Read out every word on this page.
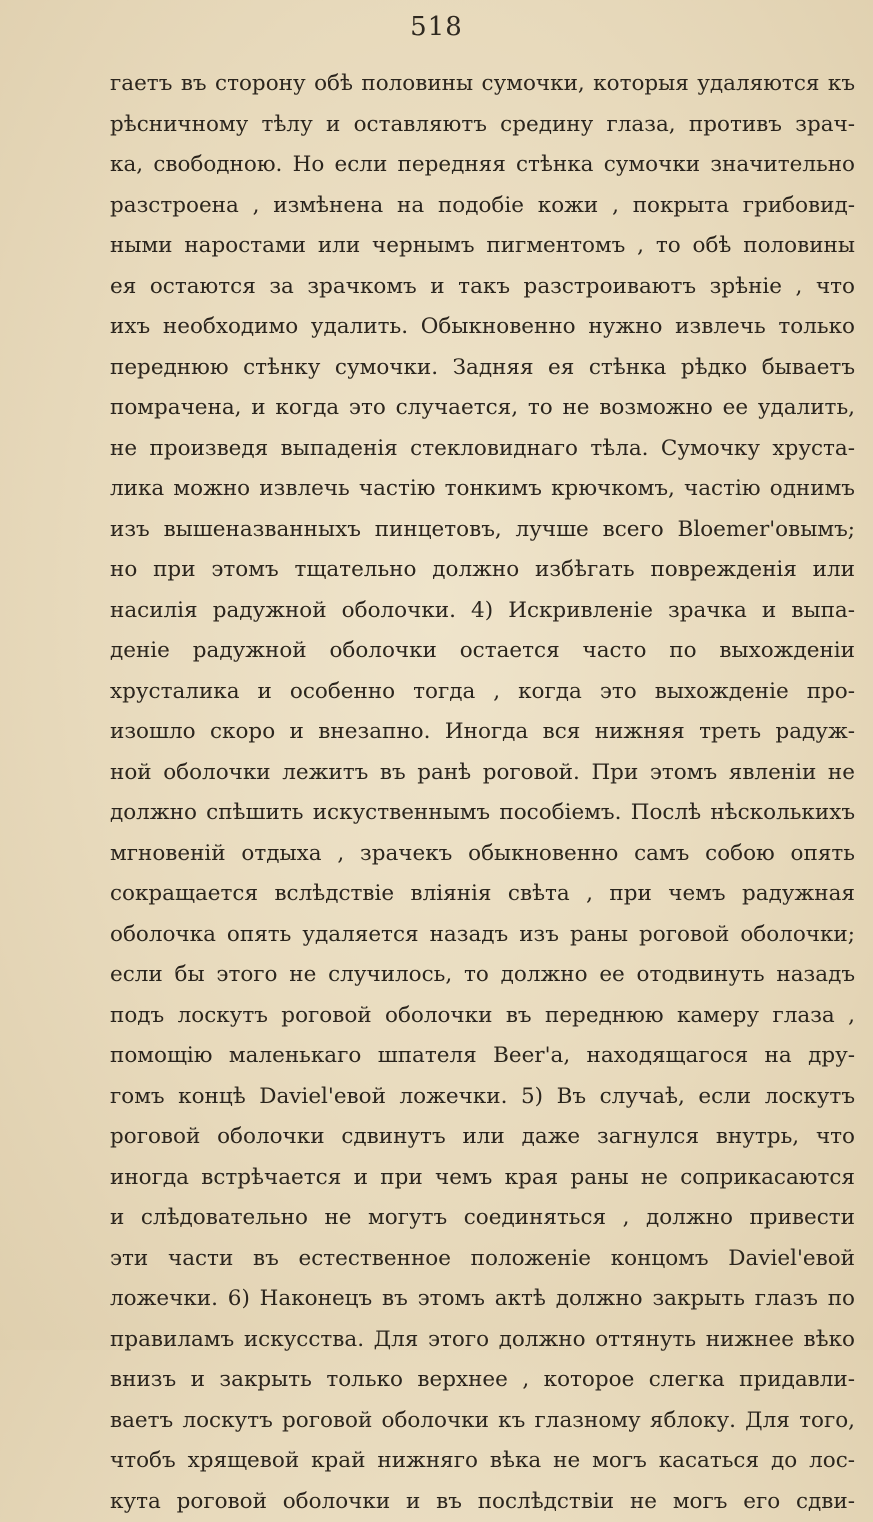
518
гаетъ въ сторону обѣ половины сумочки, которыя удаляются къ
рѣсничному тѣлу и оставляютъ средину глаза, противъ зрач-
ка, свободною. Но если передняя стѣнка сумочки значительно
разстроена , измѣнена на подобіе кожи , покрыта грибовид-
ными наростами или чернымъ пигментомъ , то обѣ половины
ея остаются за зрачкомъ и такъ разстроиваютъ зрѣніе , что
ихъ необходимо удалить. Обыкновенно нужно извлечь только
переднюю стѣнку сумочки. Задняя ея стѣнка рѣдко бываетъ
помрачена, и когда это случается, то не возможно ее удалить,
не произведя выпаденія стекловиднаго тѣла. Сумочку хруста-
лика можно извлечь частію тонкимъ крючкомъ, частію однимъ
изъ вышеназванныхъ пинцетовъ, лучше всего Bloemer'овымъ;
но при этомъ тщательно должно избѣгать поврежденія или
насилія радужной оболочки. 4) Искривленіе зрачка и выпа-
деніе радужной оболочки остается часто по выхожденіи
хрусталика и особенно тогда , когда это выхожденіе про-
изошло скоро и внезапно. Иногда вся нижняя треть радуж-
ной оболочки лежитъ въ ранѣ роговой. При этомъ явленіи не
должно спѣшить искуственнымъ пособіемъ. Послѣ нѣсколькихъ
мгновеній отдыха , зрачекъ обыкновенно самъ собою опять
сокращается вслѣдствіе вліянія свѣта , при чемъ радужная
оболочка опять удаляется назадъ изъ раны роговой оболочки;
если бы этого не случилось, то должно ее отодвинуть назадъ
подъ лоскутъ роговой оболочки въ переднюю камеру глаза ,
помощію маленькаго шпателя Beer'a, находящагося на дру-
гомъ концѣ Daviel'евой ложечки. 5) Въ случаѣ, если лоскутъ
роговой оболочки сдвинутъ или даже загнулся внутрь, что
иногда встрѣчается и при чемъ края раны не соприкасаются
и слѣдовательно не могутъ соединяться , должно привести
эти части въ естественное положеніе концомъ Daviel'евой
ложечки. 6) Наконецъ въ этомъ актѣ должно закрыть глазъ по
правиламъ искусства. Для этого должно оттянуть нижнее вѣко
внизъ и закрыть только верхнее , которое слегка придавли-
ваетъ лоскутъ роговой оболочки къ глазному яблоку. Для того,
чтобъ хрящевой край нижняго вѣка не могъ касаться до лос-
кута роговой оболочки и въ послѣдствіи не могъ его сдви-
